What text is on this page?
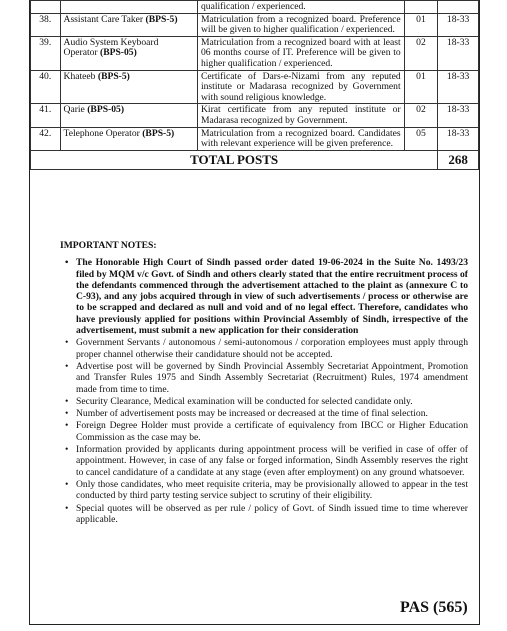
		qualification / experienced.		
38.	Assistant Care Taker (BPS-5)	Matriculation from a recognized board. Preference will be given to higher qualification / experienced.	01	18-33
39.	Audio System Keyboard Operator (BPS-05)	Matriculation from a recognized board with at least 06 months course of IT. Preference will be given to higher qualification / experienced.	02	18-33
40.	Khateeb (BPS-5)	Certificate of Dars-e-Nizami from any reputed institute or Madarasa recognized by Government with sound religious knowledge.	01	18-33
41.	Qarie (BPS-05)	Kirat certificate from any reputed institute or Madarasa recognized by Government.	02	18-33
42.	Telephone Operator (BPS-5)	Matriculation from a recognized board. Candidates with relevant experience will be given preference.	05	18-33
TOTAL POSTS				268

IMPORTANT NOTES:

• The Honorable High Court of Sindh passed order dated 19-06-2024 in the Suite No. 1493/23 filed by MQM v/c Govt. of Sindh and others clearly stated that the entire recruitment process of the defendants commenced through the advertisement attached to the plaint as (annexure C to C-93), and any jobs acquired through in view of such advertisements / process or otherwise are to be scrapped and declared as null and void and of no legal effect. Therefore, candidates who have previously applied for positions within Provincial Assembly of Sindh, irrespective of the advertisement, must submit a new application for their consideration
• Government Servants / autonomous / semi-autonomous / corporation employees must apply through proper channel otherwise their candidature should not be accepted.
• Advertise post will be governed by Sindh Provincial Assembly Secretariat Appointment, Promotion and Transfer Rules 1975 and Sindh Assembly Secretariat (Recruitment) Rules, 1974 amendment made from time to time.
• Security Clearance, Medical examination will be conducted for selected candidate only.
• Number of advertisement posts may be increased or decreased at the time of final selection.
• Foreign Degree Holder must provide a certificate of equivalency from IBCC or Higher Education Commission as the case may be.
• Information provided by applicants during appointment process will be verified in case of offer of appointment. However, in case of any false or forged information, Sindh Assembly reserves the right to cancel candidature of a candidate at any stage (even after employment) on any ground whatsoever.
• Only those candidates, who meet requisite criteria, may be provisionally allowed to appear in the test conducted by third party testing service subject to scrutiny of their eligibility.
• Special quotes will be observed as per rule / policy of Govt. of Sindh issued time to time wherever applicable.
PAS (565)
